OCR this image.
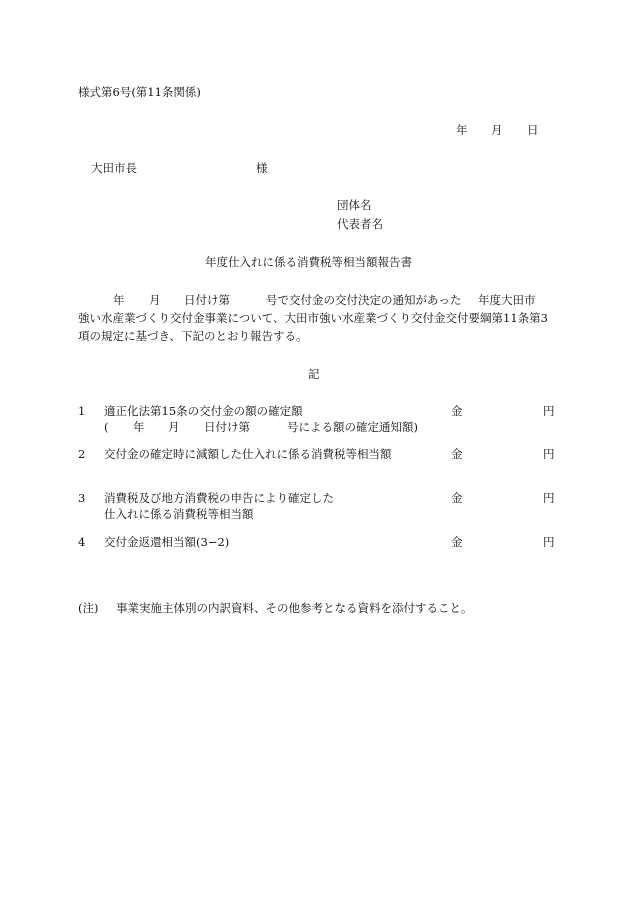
様式第6号(第11条関係)
年 月 日
大田市長	様
団体名
代表者名
年度仕入れに係る消費税等相当額報告書
年 月 日付け第	号で交付金の交付決定の通知があった 年度大田市
強い水産業づくり交付金事業について、大田市強い水産業づくり交付金交付要綱第11条第3
項の規定に基づき、下記のとおり報告する。
記
1 適正化法第15条の交付金の額の確定額	金	円
( 年 月 日付け第	号による額の確定通知額)
2 交付金の確定時に減額した仕入れに係る消費税等相当額	金	円
3 消費税及び地方消費税の申告により確定した	金	円
仕入れに係る消費税等相当額
4 交付金返還相当額(3−2)	金	円
(注) 事業実施主体別の内訳資料、その他参考となる資料を添付すること。
